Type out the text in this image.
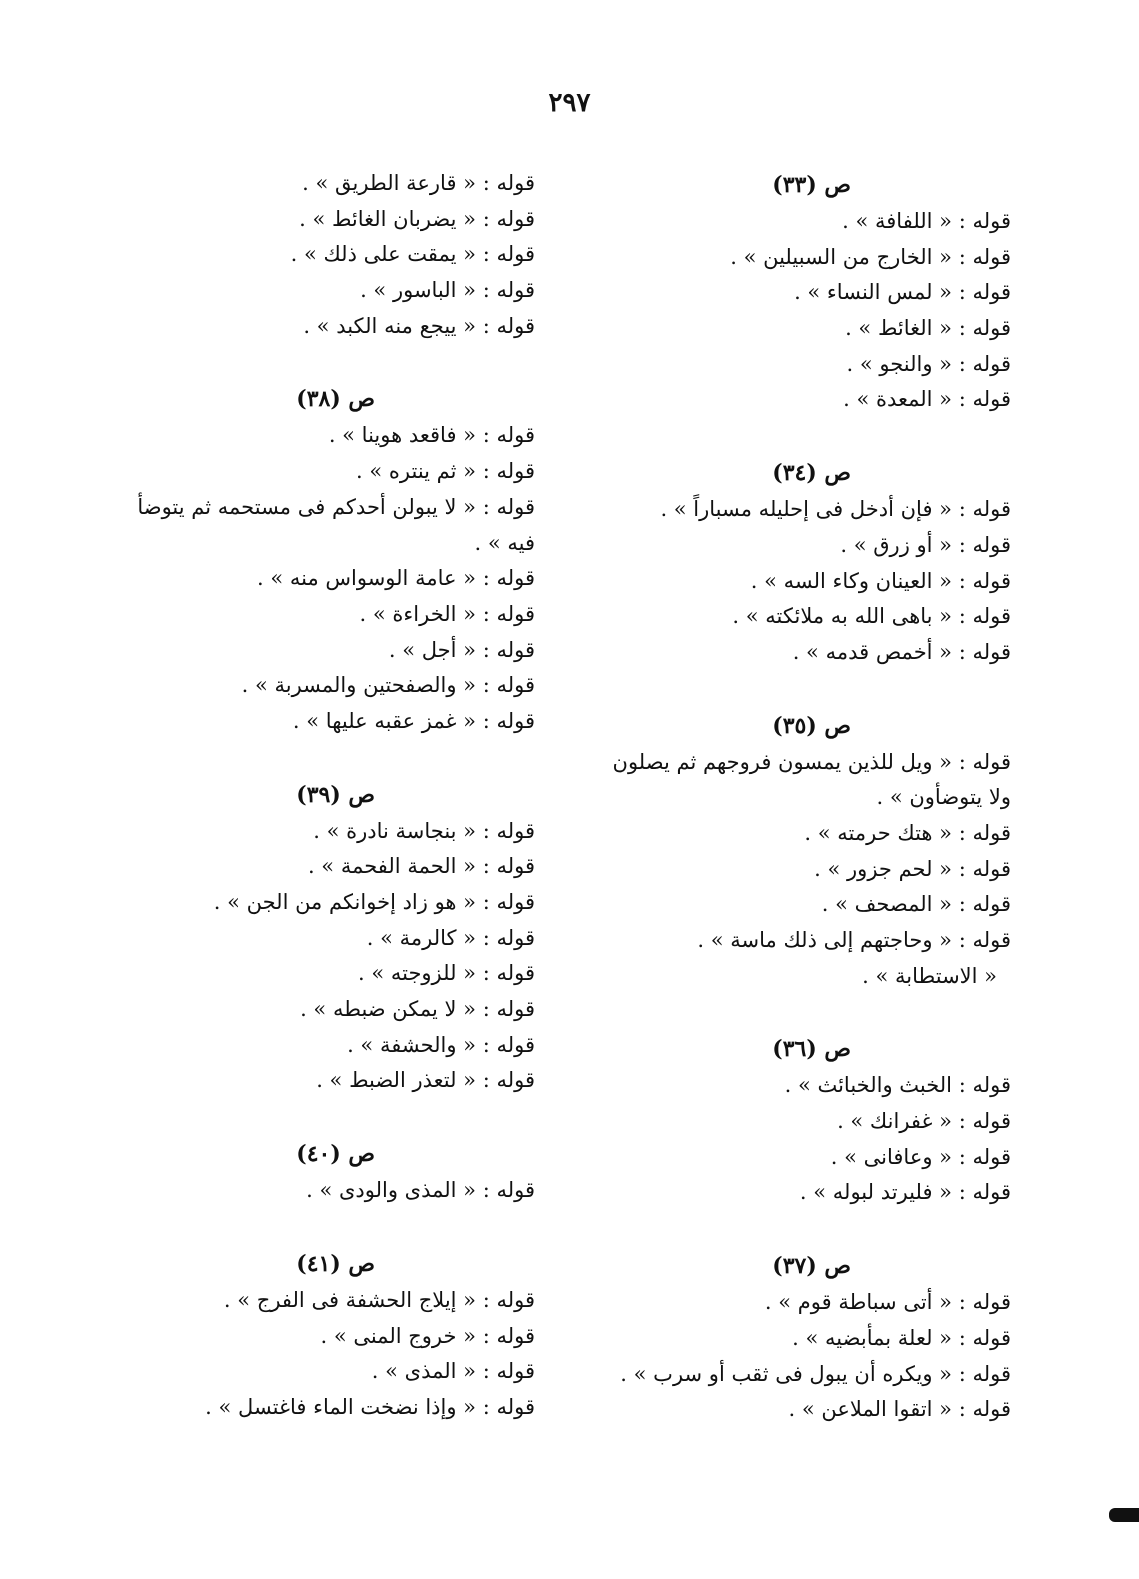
٢٩٧
ص (٣٣)
قوله : « اللفافة » .
قوله : « الخارج من السبيلين » .
قوله : « لمس النساء » .
قوله : « الغائط » .
قوله : « والنجو » .
قوله : « المعدة » .
ص (٣٤)
قوله : « فإن أدخل فى إحليله مسباراً » .
قوله : « أو زرق » .
قوله : « العينان وكاء السه » .
قوله : « باهى الله به ملائكته » .
قوله : « أخمص قدمه » .
ص (٣٥)
قوله : « ويل للذين يمسون فروجهم ثم يصلون ولا يتوضأون » .
قوله : « هتك حرمته » .
قوله : « لحم جزور » .
قوله : « المصحف » .
قوله : « وحاجتهم إلى ذلك ماسة » .
« الاستطابة » .
ص (٣٦)
قوله : الخبث والخبائث » .
قوله : « غفرانك » .
قوله : « وعافانى » .
قوله : « فليرتد لبوله » .
ص (٣٧)
قوله : « أتى سباطة قوم » .
قوله : « لعلة بمأبضيه » .
قوله : « ويكره أن يبول فى ثقب أو سرب » .
قوله : « اتقوا الملاعن » .
قوله : « قارعة الطريق » .
قوله : « يضربان الغائط » .
قوله : « يمقت على ذلك » .
قوله : « الباسور » .
قوله : « ييجع منه الكبد » .
ص (٣٨)
قوله : « فاقعد هوينا » .
قوله : « ثم ينتره » .
قوله : « لا يبولن أحدكم فى مستحمه ثم يتوضأ فيه » .
قوله : « عامة الوسواس منه » .
قوله : « الخراءة » .
قوله : « أجل » .
قوله : « والصفحتين والمسربة » .
قوله : « غمز عقبه عليها » .
ص (٣٩)
قوله : « بنجاسة نادرة » .
قوله : « الحمة الفحمة » .
قوله : « هو زاد إخوانكم من الجن » .
قوله : « كالرمة » .
قوله : « للزوجته » .
قوله : « لا يمكن ضبطه » .
قوله : « والحشفة » .
قوله : « لتعذر الضبط » .
ص (٤٠)
قوله : « المذى والودى » .
ص (٤١)
قوله : « إيلاج الحشفة فى الفرج » .
قوله : « خروج المنى » .
قوله : « المذى » .
قوله : « وإذا نضخت الماء فاغتسل » .
